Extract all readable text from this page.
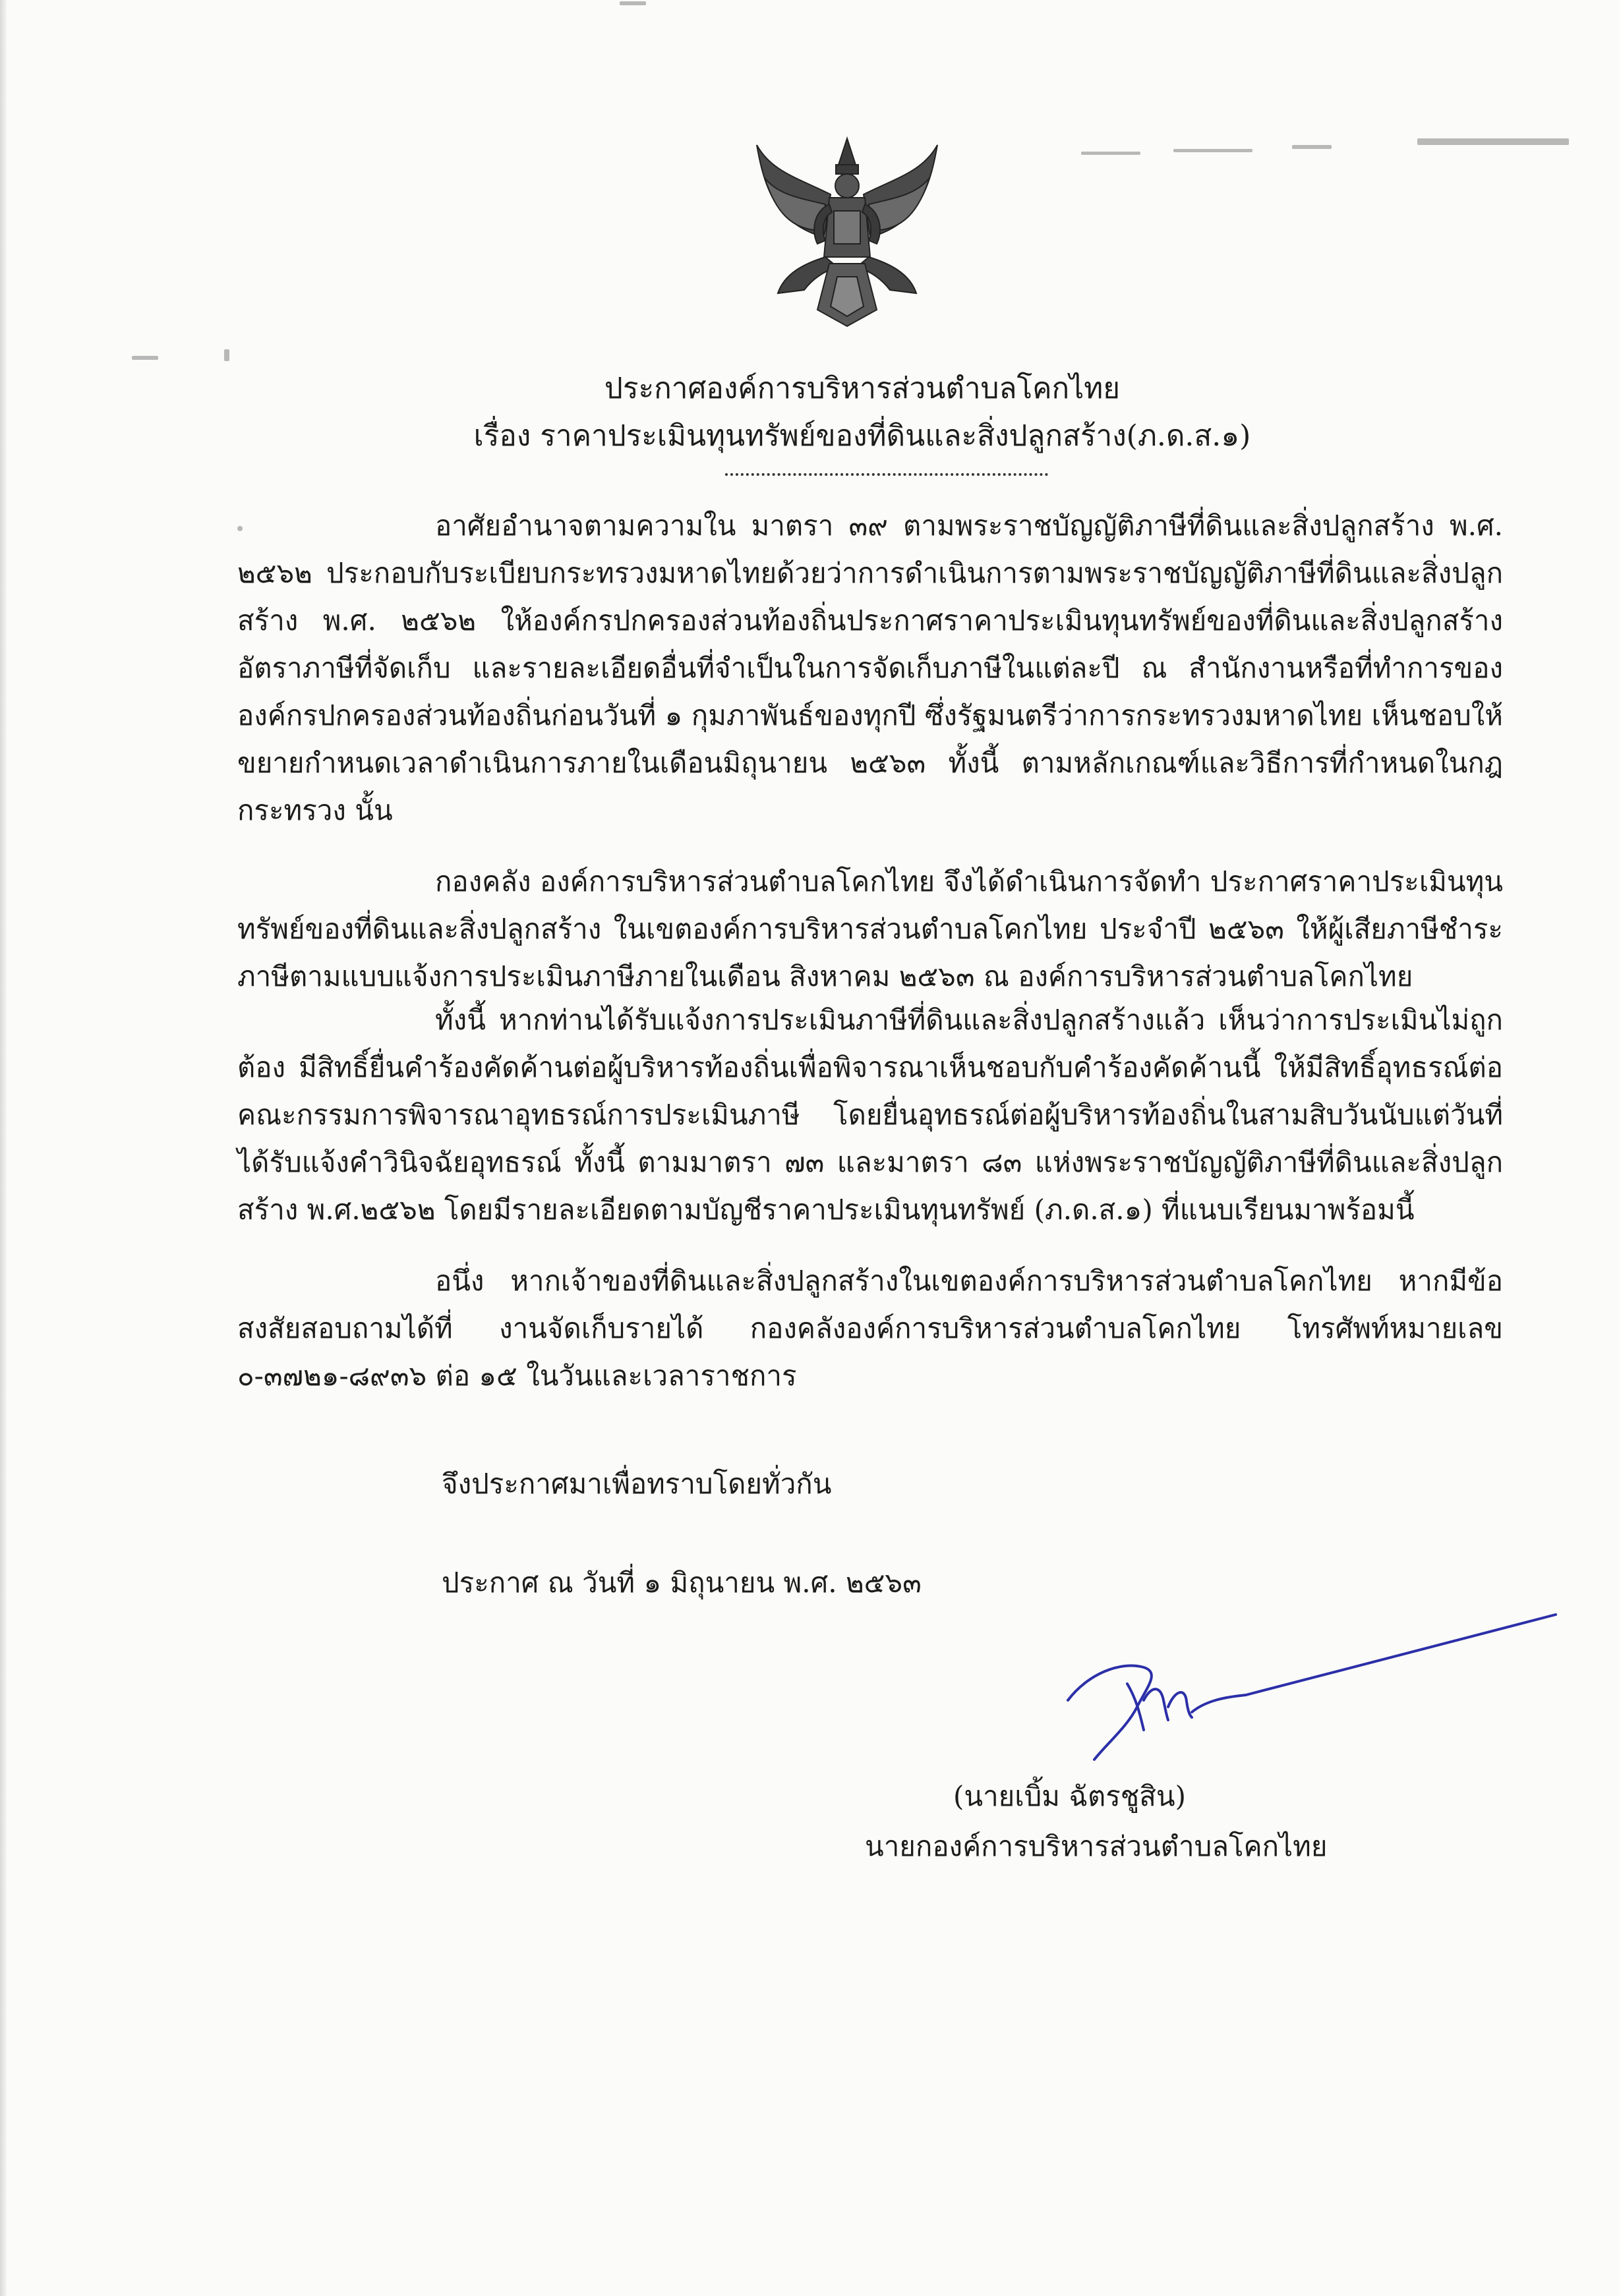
ประกาศองค์การบริหารส่วนตำบลโคกไทย
เรื่อง ราคาประเมินทุนทรัพย์ของที่ดินและสิ่งปลูกสร้าง(ภ.ด.ส.๑)

อาศัยอำนาจตามความใน มาตรา ๓๙ ตามพระราชบัญญัติภาษีที่ดินและสิ่งปลูกสร้าง พ.ศ. ๒๕๖๒ ประกอบกับระเบียบกระทรวงมหาดไทยด้วยว่าการดำเนินการตามพระราชบัญญัติภาษีที่ดินและสิ่งปลูกสร้าง พ.ศ. ๒๕๖๒ ให้องค์กรปกครองส่วนท้องถิ่นประกาศราคาประเมินทุนทรัพย์ของที่ดินและสิ่งปลูกสร้าง อัตราภาษีที่จัดเก็บ และรายละเอียดอื่นที่จำเป็นในการจัดเก็บภาษีในแต่ละปี ณ สำนักงานหรือที่ทำการขององค์กรปกครองส่วนท้องถิ่นก่อนวันที่ ๑ กุมภาพันธ์ของทุกปี ซึ่งรัฐมนตรีว่าการกระทรวงมหาดไทย เห็นชอบให้ขยายกำหนดเวลาดำเนินการภายในเดือนมิถุนายน ๒๕๖๓ ทั้งนี้ ตามหลักเกณฑ์และวิธีการที่กำหนดในกฎกระทรวง นั้น

กองคลัง องค์การบริหารส่วนตำบลโคกไทย จึงได้ดำเนินการจัดทำ ประกาศราคาประเมินทุนทรัพย์ของที่ดินและสิ่งปลูกสร้าง ในเขตองค์การบริหารส่วนตำบลโคกไทย ประจำปี ๒๕๖๓ ให้ผู้เสียภาษีชำระภาษีตามแบบแจ้งการประเมินภาษีภายในเดือน สิงหาคม ๒๕๖๓ ณ องค์การบริหารส่วนตำบลโคกไทย

ทั้งนี้ หากท่านได้รับแจ้งการประเมินภาษีที่ดินและสิ่งปลูกสร้างแล้ว เห็นว่าการประเมินไม่ถูกต้อง มีสิทธิ์ยื่นคำร้องคัดค้านต่อผู้บริหารท้องถิ่นเพื่อพิจารณาเห็นชอบกับคำร้องคัดค้านนี้ ให้มีสิทธิ์อุทธรณ์ต่อคณะกรรมการพิจารณาอุทธรณ์การประเมินภาษี โดยยื่นอุทธรณ์ต่อผู้บริหารท้องถิ่นในสามสิบวันนับแต่วันที่ได้รับแจ้งคำวินิจฉัยอุทธรณ์ ทั้งนี้ ตามมาตรา ๗๓ และมาตรา ๘๓ แห่งพระราชบัญญัติภาษีที่ดินและสิ่งปลูกสร้าง พ.ศ.๒๕๖๒ โดยมีรายละเอียดตามบัญชีราคาประเมินทุนทรัพย์ (ภ.ด.ส.๑) ที่แนบเรียนมาพร้อมนี้

อนึ่ง หากเจ้าของที่ดินและสิ่งปลูกสร้างในเขตองค์การบริหารส่วนตำบลโคกไทย หากมีข้อสงสัยสอบถามได้ที่ งานจัดเก็บรายได้ กองคลังองค์การบริหารส่วนตำบลโคกไทย โทรศัพท์หมายเลข ๐-๓๗๒๑-๘๙๓๖ ต่อ ๑๕ ในวันและเวลาราชการ

จึงประกาศมาเพื่อทราบโดยทั่วกัน
ประกาศ ณ วันที่ ๑ มิถุนายน พ.ศ. ๒๕๖๓
(นายเบิ้ม ฉัตรชูสิน)
นายกองค์การบริหารส่วนตำบลโคกไทย
